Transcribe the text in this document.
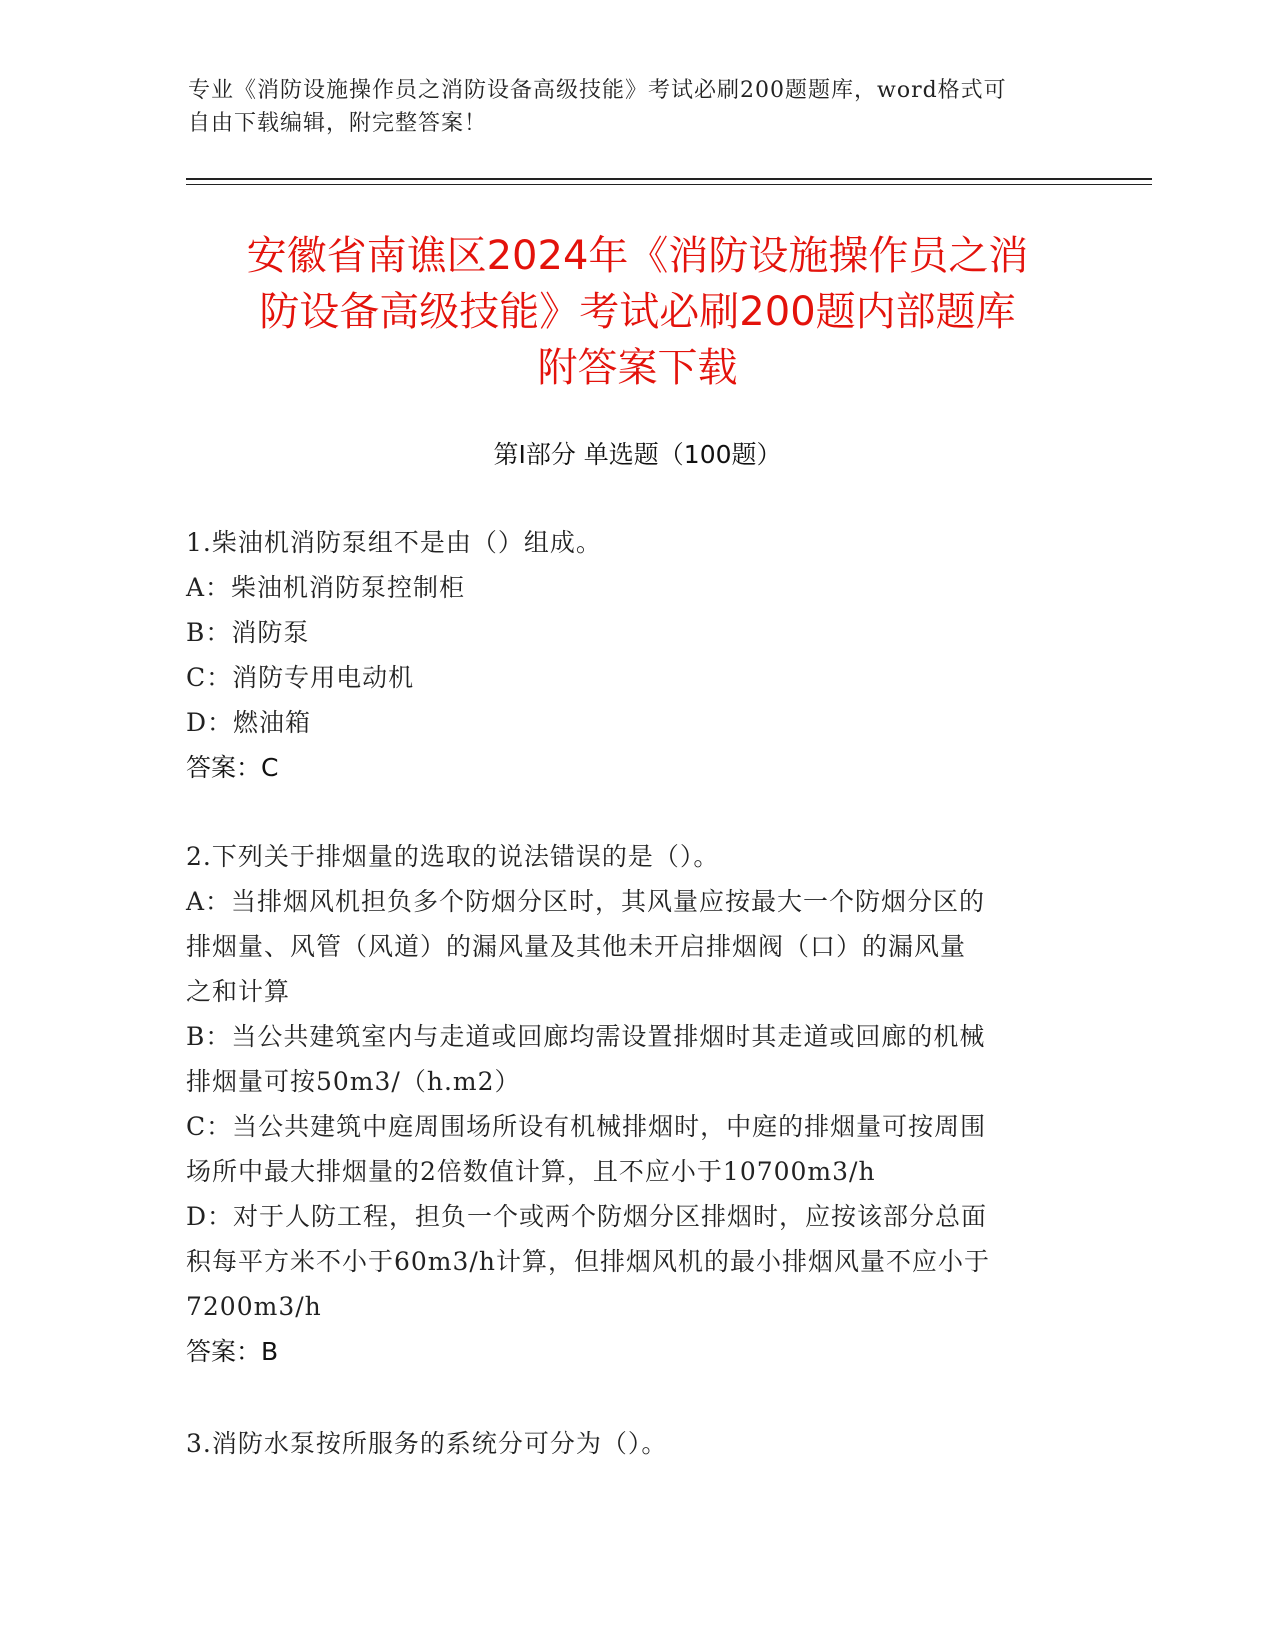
专业《消防设施操作员之消防设备高级技能》考试必刷200题题库，word格式可
自由下载编辑，附完整答案！
安徽省南谯区2024年《消防设施操作员之消
防设备高级技能》考试必刷200题内部题库
附答案下载
第Ⅰ部分 单选题（100题）
1.柴油机消防泵组不是由（）组成。
A：柴油机消防泵控制柜
B：消防泵
C：消防专用电动机
D：燃油箱
答案：C
2.下列关于排烟量的选取的说法错误的是（）。
A：当排烟风机担负多个防烟分区时，其风量应按最大一个防烟分区的
排烟量、风管（风道）的漏风量及其他未开启排烟阀（口）的漏风量
之和计算
B：当公共建筑室内与走道或回廊均需设置排烟时其走道或回廊的机械
排烟量可按50m3/（h.m2）
C：当公共建筑中庭周围场所设有机械排烟时，中庭的排烟量可按周围
场所中最大排烟量的2倍数值计算，且不应小于10700m3/h
D：对于人防工程，担负一个或两个防烟分区排烟时，应按该部分总面
积每平方米不小于60m3/h计算，但排烟风机的最小排烟风量不应小于
7200m3/h
答案：B
3.消防水泵按所服务的系统分可分为（）。
